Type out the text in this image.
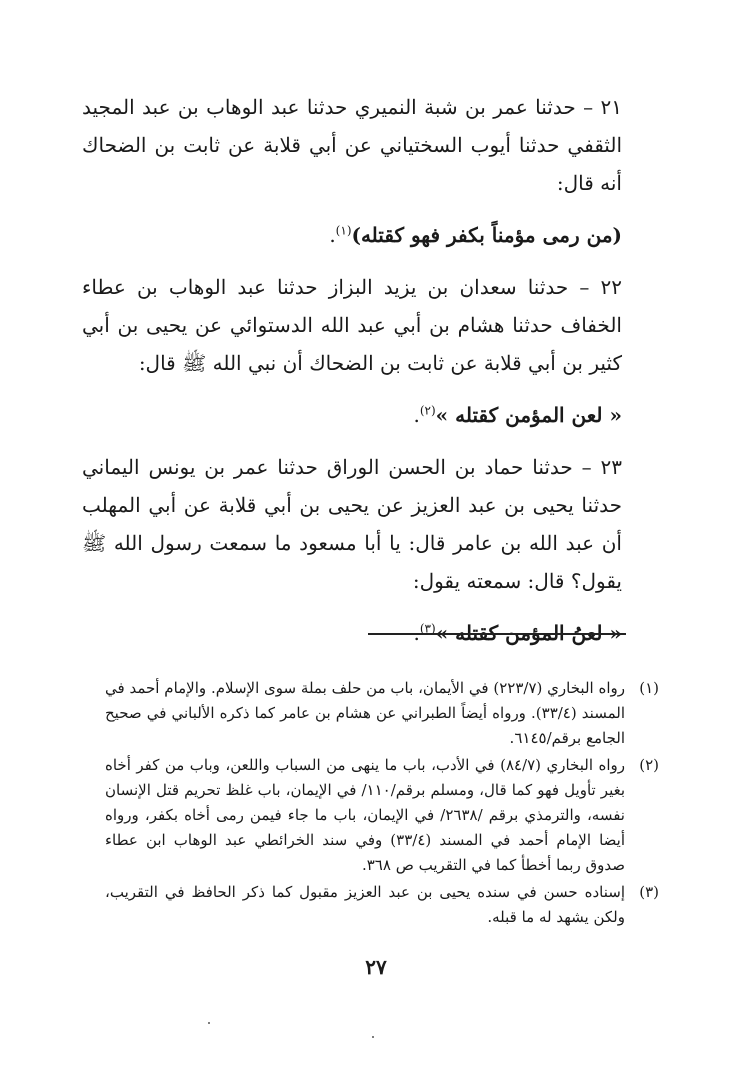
٢١ – حدثنا عمر بن شبة النميري حدثنا عبد الوهاب بن عبد المجيد الثقفي حدثنا أيوب السختياني عن أبي قلابة عن ثابت بن الضحاك أنه قال:

(من رمى مؤمناً بكفر فهو كقتله)$^{(١)}$.

٢٢ – حدثنا سعدان بن يزيد البزاز حدثنا عبد الوهاب بن عطاء الخفاف حدثنا هشام بن أبي عبد الله الدستوائي عن يحيى بن أبي كثير بن أبي قلابة عن ثابت بن الضحاك أن نبي الله ﷺ قال:

« لعن المؤمن كقتله »$^{(٢)}$.

٢٣ – حدثنا حماد بن الحسن الوراق حدثنا عمر بن يونس اليماني حدثنا يحيى بن عبد العزيز عن يحيى بن أبي قلابة عن أبي المهلب أن عبد الله بن عامر قال: يا أبا مسعود ما سمعت رسول الله ﷺ يقول؟ قال: سمعته يقول:

« لعنُ المؤمن كقتله »$^{(٣)}$.

(١)
رواه البخاري (٢٢٣/٧) في الأيمان، باب من حلف بملة سوى الإسلام. والإمام أحمد في المسند (٣٣/٤). ورواه أيضاً الطبراني عن هشام بن عامر كما ذكره الألباني في صحيح الجامع برقم/٦١٤٥.
(٢)
رواه البخاري (٨٤/٧) في الأدب، باب ما ينهى من السباب واللعن، وباب من كفر أخاه بغير تأويل فهو كما قال، ومسلم برقم/١١٠/ في الإيمان، باب غلظ تحريم قتل الإنسان نفسه، والترمذي برقم /٢٦٣٨/ في الإيمان، باب ما جاء فيمن رمى أخاه بكفر، ورواه أيضا الإمام أحمد في المسند (٣٣/٤) وفي سند الخرائطي عبد الوهاب ابن عطاء صدوق ربما أخطأ كما في التقريب ص ٣٦٨.
(٣)
إسناده حسن في سنده يحيى بن عبد العزيز مقبول كما ذكر الحافظ في التقريب، ولكن يشهد له ما قبله.
٢٧
